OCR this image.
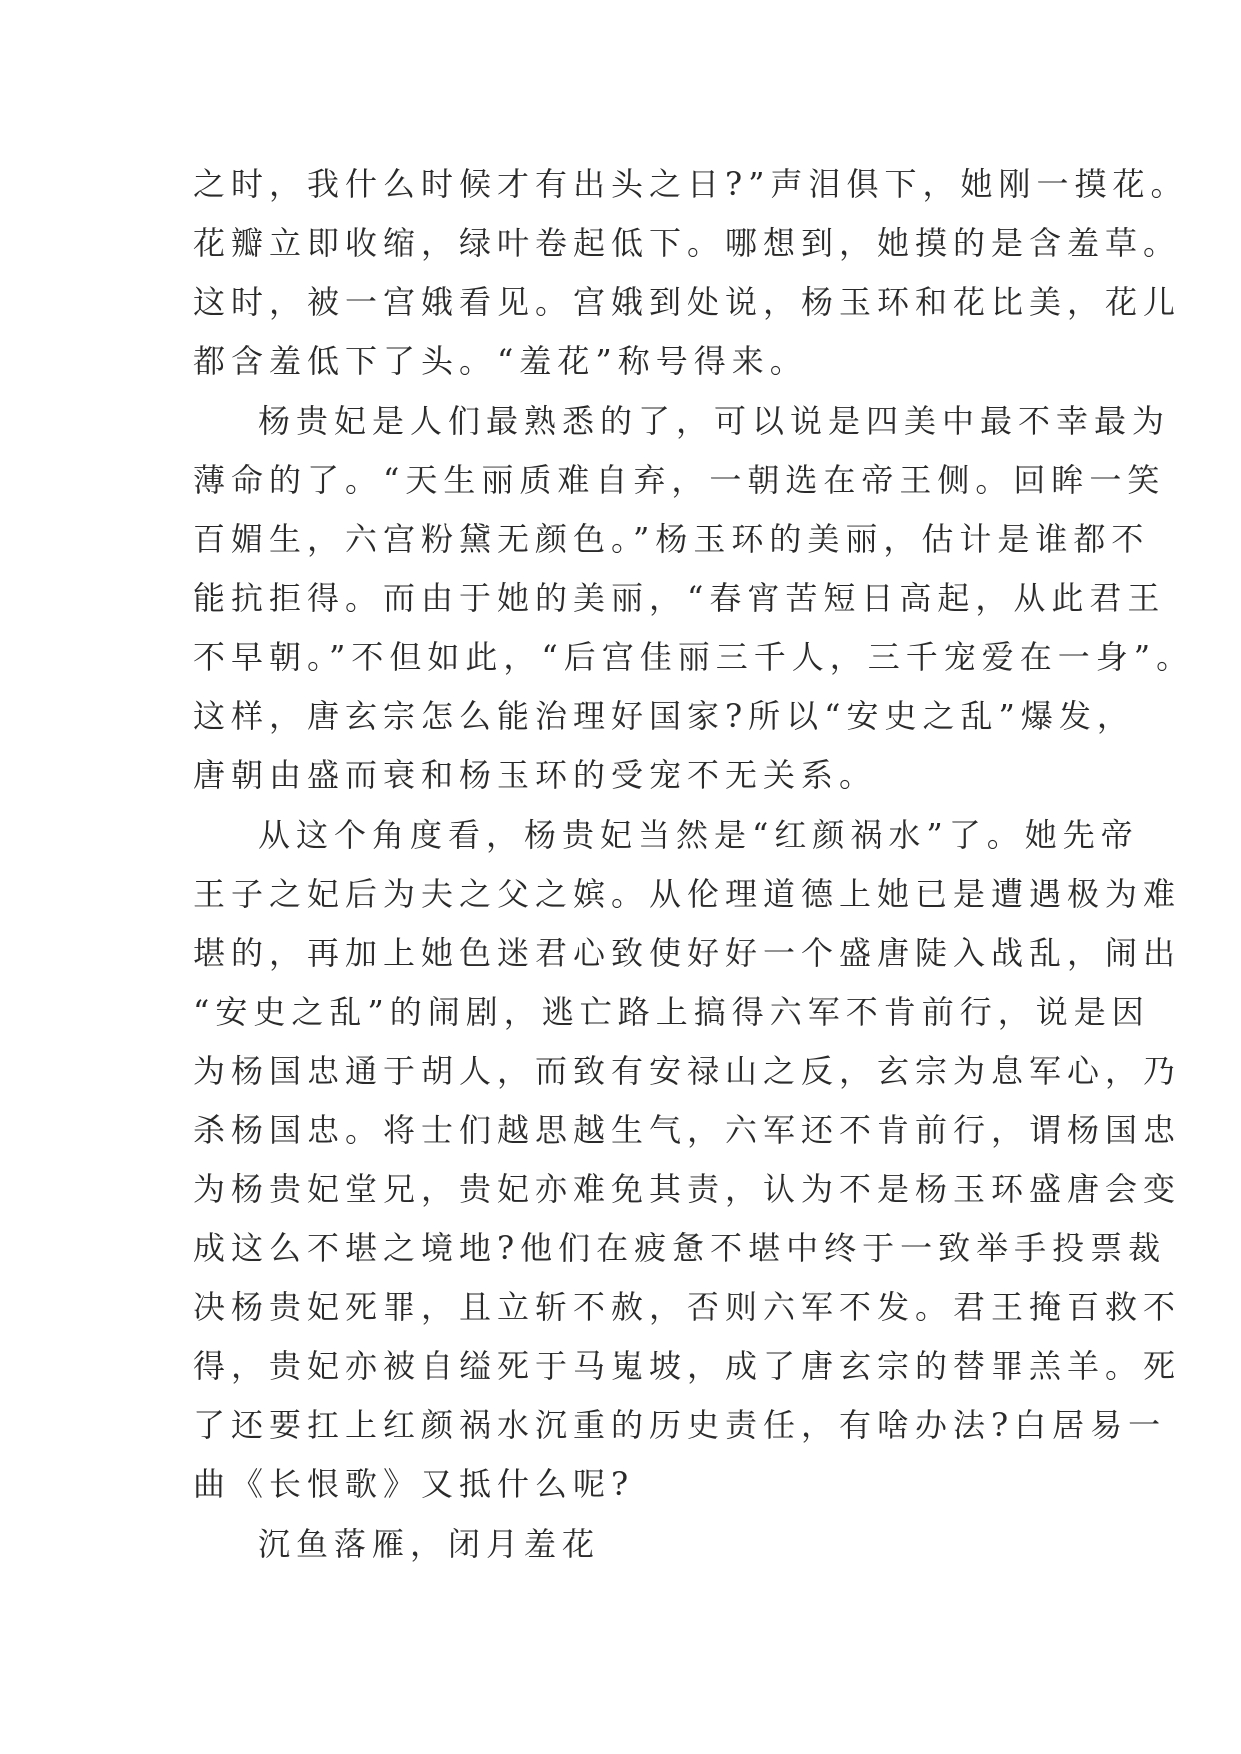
之时，我什么时候才有出头之日?”声泪俱下，她刚一摸花。
花瓣立即收缩，绿叶卷起低下。哪想到，她摸的是含羞草。
这时，被一宫娥看见。宫娥到处说，杨玉环和花比美，花儿
都含羞低下了头。“羞花”称号得来。
杨贵妃是人们最熟悉的了，可以说是四美中最不幸最为
薄命的了。“天生丽质难自弃，一朝选在帝王侧。回眸一笑
百媚生，六宫粉黛无颜色。”杨玉环的美丽，估计是谁都不
能抗拒得。而由于她的美丽，“春宵苦短日高起，从此君王
不早朝。”不但如此，“后宫佳丽三千人，三千宠爱在一身”。
这样，唐玄宗怎么能治理好国家?所以“安史之乱”爆发，
唐朝由盛而衰和杨玉环的受宠不无关系。
从这个角度看，杨贵妃当然是“红颜祸水”了。她先帝
王子之妃后为夫之父之嫔。从伦理道德上她已是遭遇极为难
堪的，再加上她色迷君心致使好好一个盛唐陡入战乱，闹出
“安史之乱”的闹剧，逃亡路上搞得六军不肯前行，说是因
为杨国忠通于胡人，而致有安禄山之反，玄宗为息军心，乃
杀杨国忠。将士们越思越生气，六军还不肯前行，谓杨国忠
为杨贵妃堂兄，贵妃亦难免其责，认为不是杨玉环盛唐会变
成这么不堪之境地?他们在疲惫不堪中终于一致举手投票裁
决杨贵妃死罪，且立斩不赦，否则六军不发。君王掩百救不
得，贵妃亦被自缢死于马嵬坡，成了唐玄宗的替罪羔羊。死
了还要扛上红颜祸水沉重的历史责任，有啥办法?白居易一
曲《长恨歌》又抵什么呢?
沉鱼落雁，闭月羞花
